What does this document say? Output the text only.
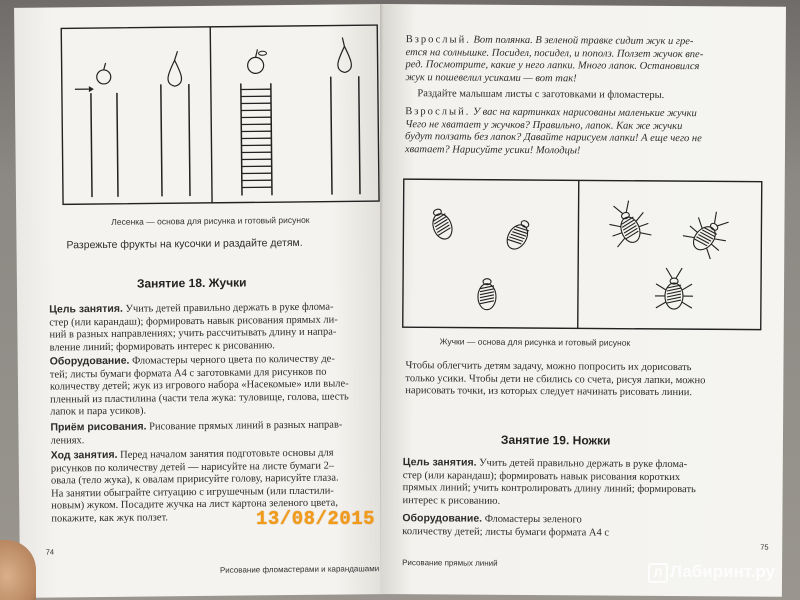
Лесенка — основа для рисунка и готовый рисунок
Разрежьте фрукты на кусочки и раздайте детям.
Занятие 18. Жучки
Цель занятия. Учить детей правильно держать в руке флома-
стер (или карандаш); формировать навык рисования прямых ли-
ний в разных направлениях; учить рассчитывать длину и напра-
вление линий; формировать интерес к рисованию.
Оборудование. Фломастеры черного цвета по количеству де-
тей; листы бумаги формата А4 с заготовками для рисунков по
количеству детей; жук из игрового набора «Насекомые» или выле-
пленный из пластилина (части тела жука: туловище, голова, шесть
лапок и пара усиков).
Приём рисования. Рисование прямых линий в разных направ-
лениях.
Ход занятия. Перед началом занятия подготовьте основы для
рисунков по количеству детей — нарисуйте на листе бумаги 2–
овала (тело жука), к овалам пририсуйте голову, нарисуйте глаза.
На занятии обыграйте ситуацию с игрушечным (или пластили-
новым) жуком. Посадите жучка на лист картона зеленого цвета,
покажите, как жук ползет.
74
Рисование фломастерами и карандашами
Взрослый. Вот полянка. В зеленой травке сидит жук и гре-
ется на солнышке. Посидел, посидел, и пополз. Ползет жучок впе-
ред. Посмотрите, какие у него лапки. Много лапок. Остановился
жук и пошевелил усиками — вот так!
Раздайте малышам листы с заготовками и фломастеры.
Взрослый. У вас на картинках нарисованы маленькие жучки
Чего не хватает у жучков? Правильно, лапок. Как же жучки
будут ползать без лапок? Давайте нарисуем лапки! А еще чего не
хватает? Нарисуйте усики! Молодцы!
Жучки — основа для рисунка и готовый рисунок
Чтобы облегчить детям задачу, можно попросить их дорисовать
только усики. Чтобы дети не сбились со счета, рисуя лапки, можно
нарисовать точки, из которых следует начинать рисовать линии.
Занятие 19. Ножки
Цель занятия. Учить детей правильно держать в руке флома-
стер (или карандаш); формировать навык рисования коротких
прямых линий; учить контролировать длину линий; формировать
интерес к рисованию.
Оборудование. Фломастеры зеленого
количеству детей; листы бумаги формата А4 с
75
Рисование прямых линий
13/08/2015
Л Лабиринт.ру
